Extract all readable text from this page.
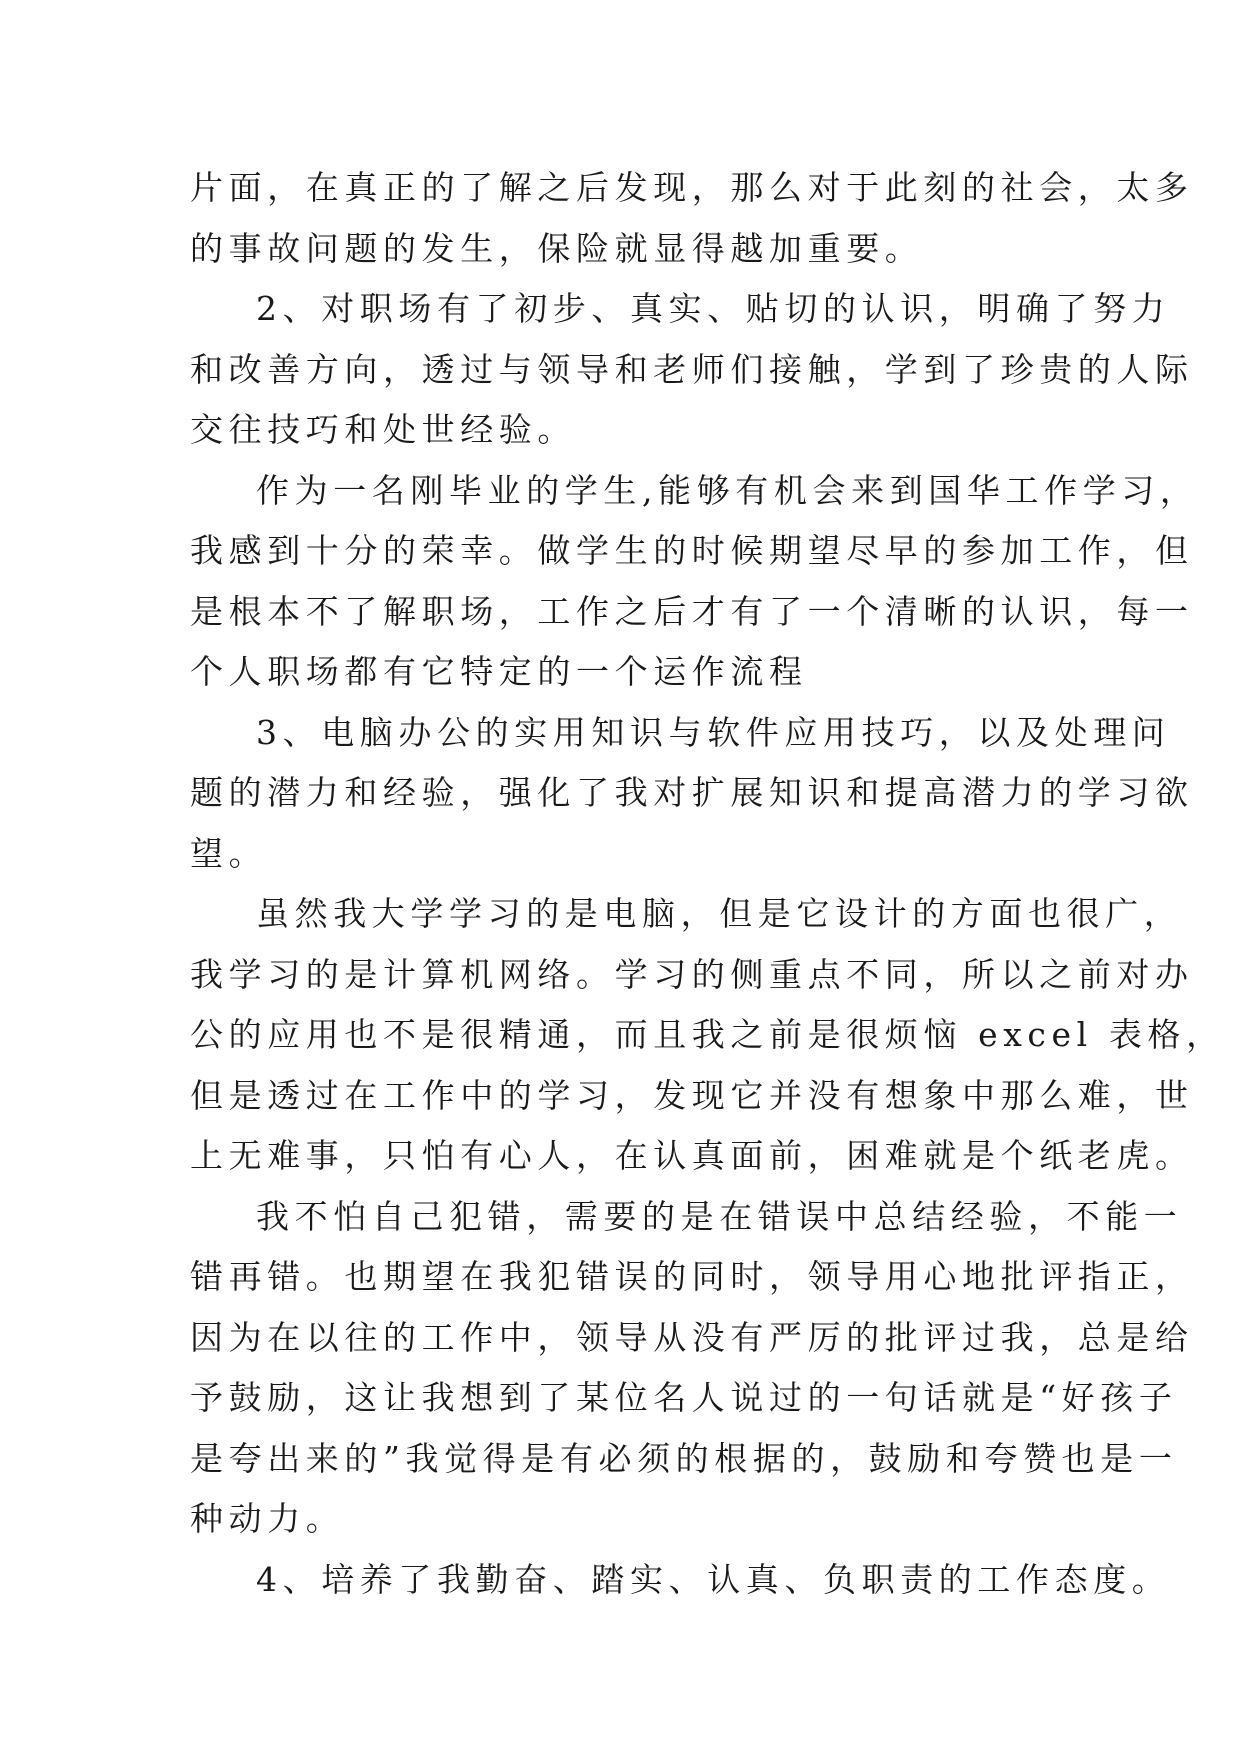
片面，在真正的了解之后发现，那么对于此刻的社会，太多
的事故问题的发生，保险就显得越加重要。

2、对职场有了初步、真实、贴切的认识，明确了努力
和改善方向，透过与领导和老师们接触，学到了珍贵的人际
交往技巧和处世经验。

作为一名刚毕业的学生,能够有机会来到国华工作学习，
我感到十分的荣幸。做学生的时候期望尽早的参加工作，但
是根本不了解职场，工作之后才有了一个清晰的认识，每一
个人职场都有它特定的一个运作流程

3、电脑办公的实用知识与软件应用技巧，以及处理问
题的潜力和经验，强化了我对扩展知识和提高潜力的学习欲
望。

虽然我大学学习的是电脑，但是它设计的方面也很广，
我学习的是计算机网络。学习的侧重点不同，所以之前对办
公的应用也不是很精通，而且我之前是很烦恼 excel 表格，
但是透过在工作中的学习，发现它并没有想象中那么难，世
上无难事，只怕有心人，在认真面前，困难就是个纸老虎。

我不怕自己犯错，需要的是在错误中总结经验，不能一
错再错。也期望在我犯错误的同时，领导用心地批评指正，
因为在以往的工作中，领导从没有严厉的批评过我，总是给
予鼓励，这让我想到了某位名人说过的一句话就是“好孩子
是夸出来的”我觉得是有必须的根据的，鼓励和夸赞也是一
种动力。

4、培养了我勤奋、踏实、认真、负职责的工作态度。
